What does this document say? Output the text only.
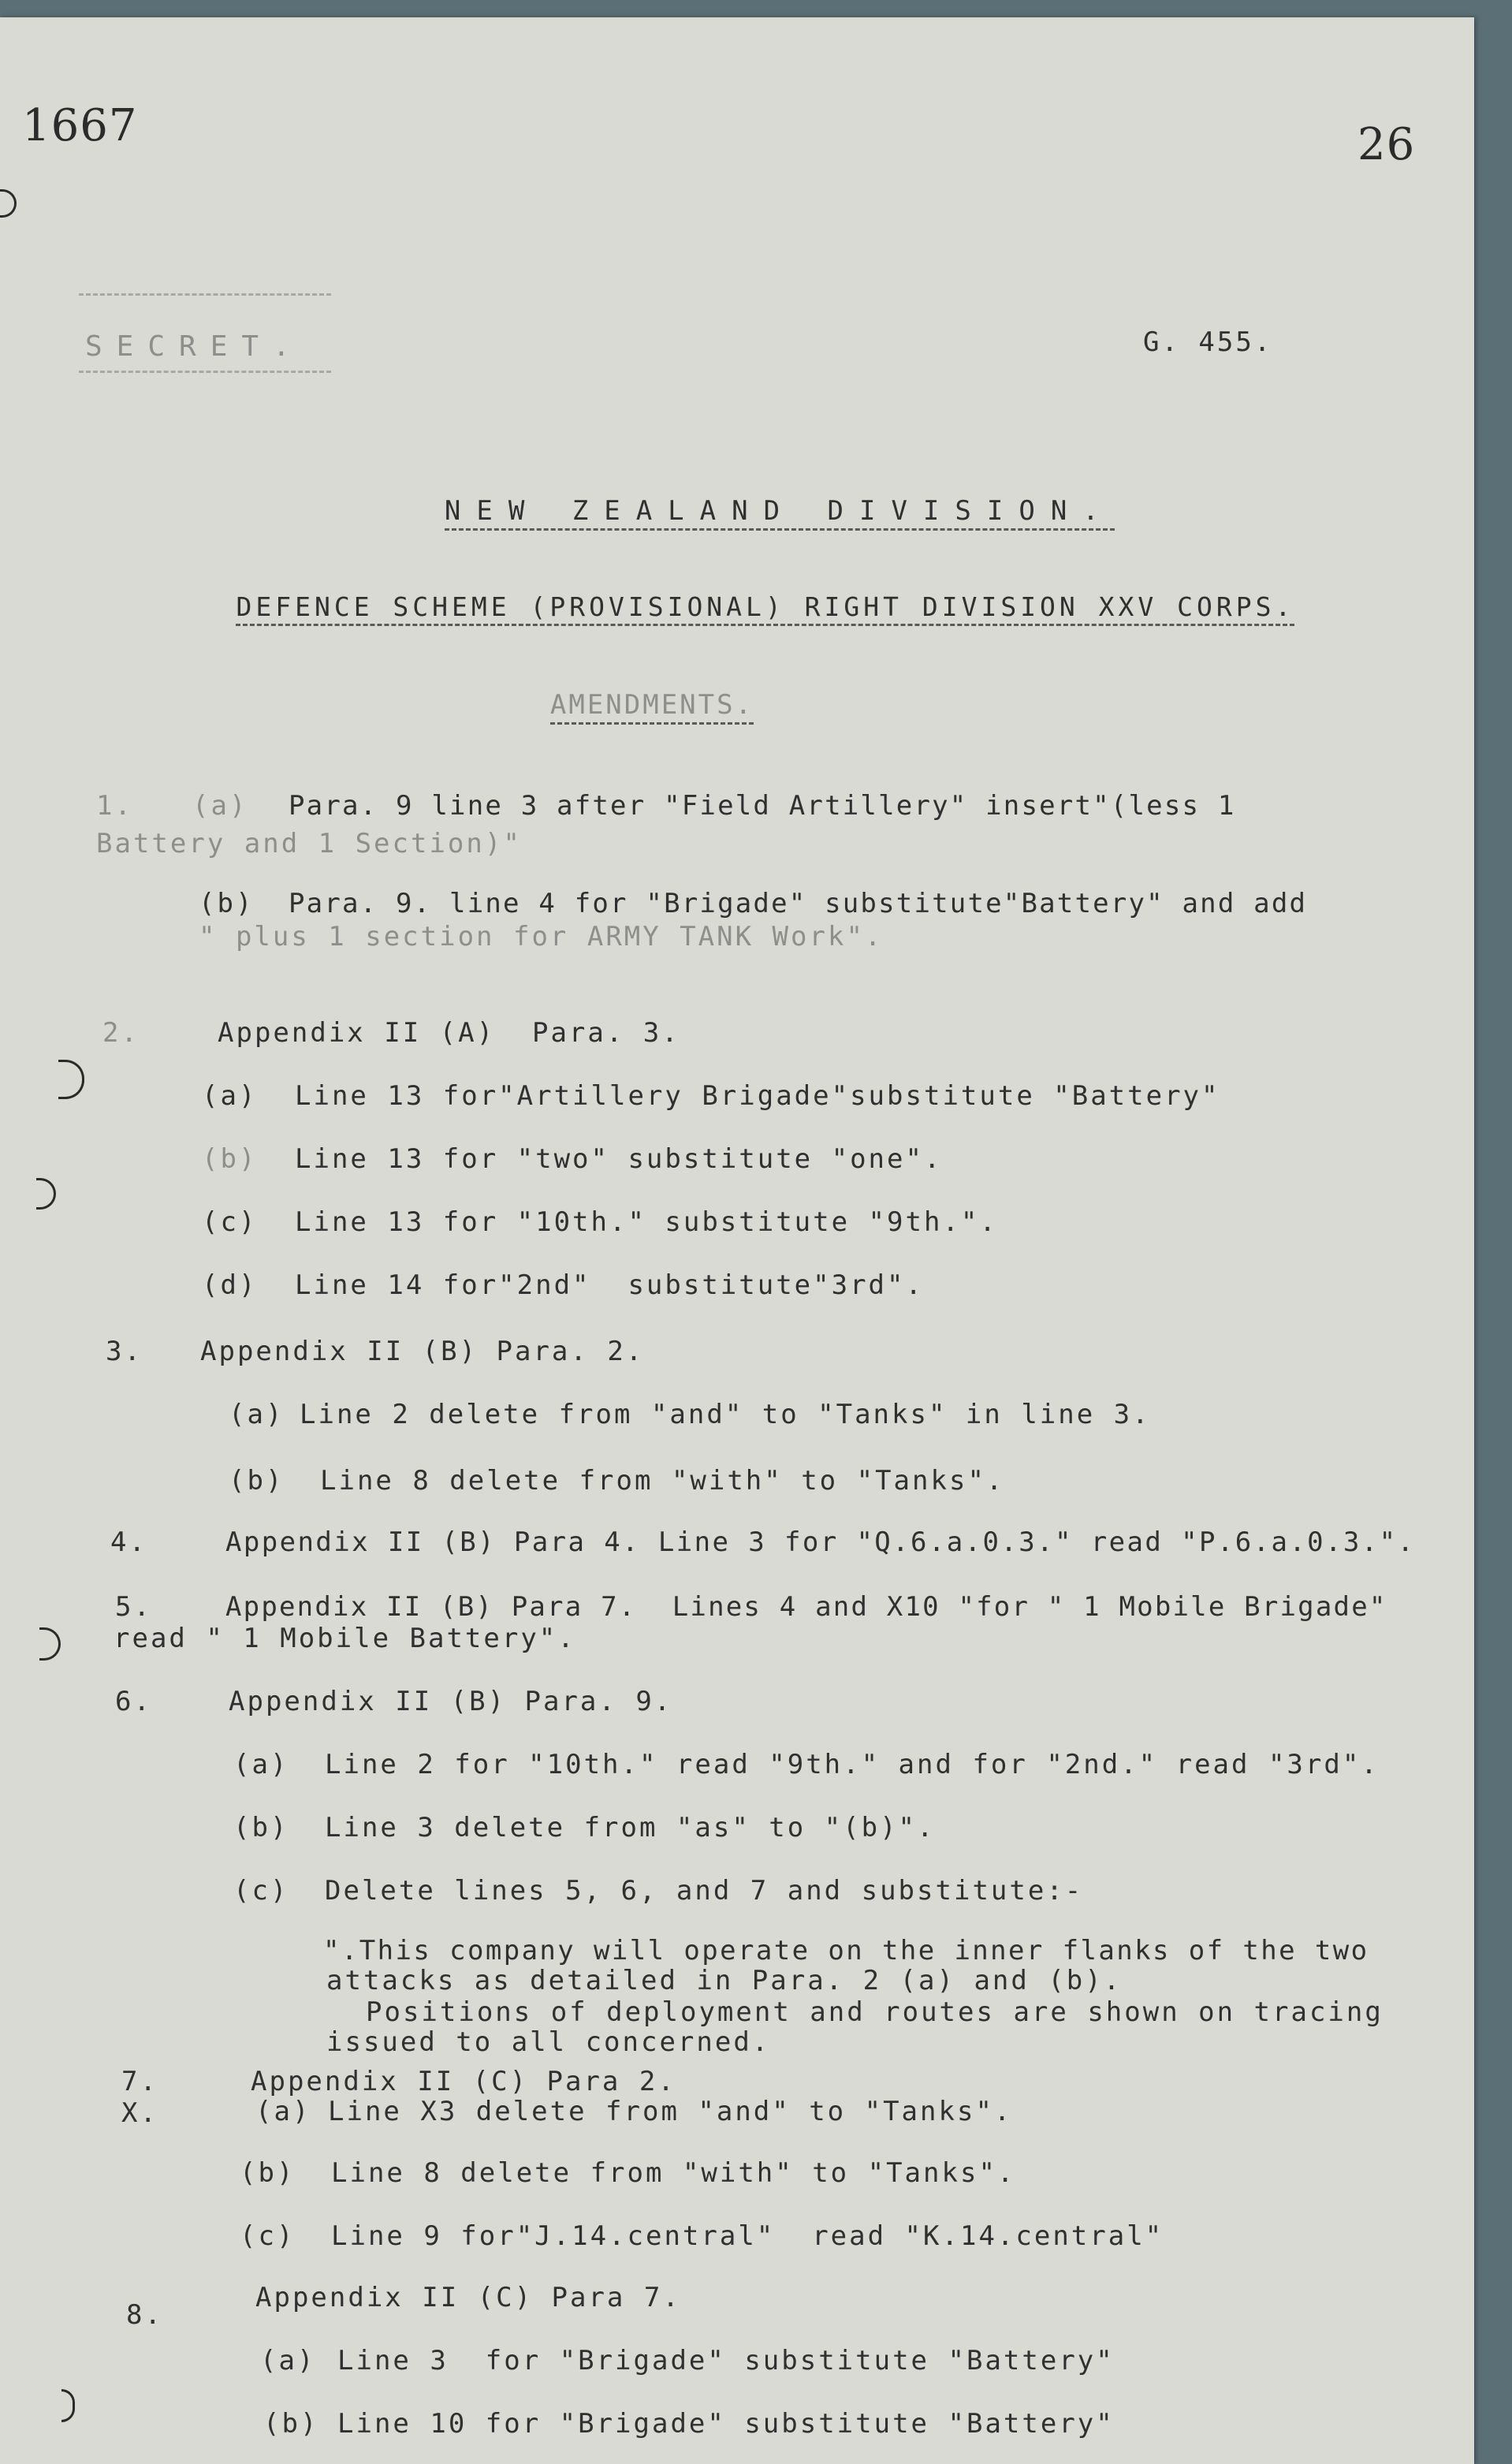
1667	26
SECRET.	G. 455.

NEW ZEALAND DIVISION.

DEFENCE SCHEME (PROVISIONAL) RIGHT DIVISION XXV CORPS.

AMENDMENTS.

1. (a) Para. 9 line 3 after "Field Artillery" insert"(less 1
Battery and 1 Section)"
(b) Para. 9. line 4 for "Brigade" substitute"Battery" and add
" plus 1 section for ARMY TANK Work".
2.	Appendix II (A)  Para. 3.
(a) Line 13 for"Artillery Brigade"substitute "Battery"
(b) Line 13 for "two" substitute "one".
(c) Line 13 for "10th." substitute "9th.".
(d) Line 14 for"2nd"  substitute"3rd".
3. Appendix II (B) Para. 2.
(a) Line 2 delete from "and" to "Tanks" in line 3.
(b) Line 8 delete from "with" to "Tanks".
4.	Appendix II (B) Para 4. Line 3 for "Q.6.a.0.3." read "P.6.a.0.3.".
5.	Appendix II (B) Para 7.  Lines 4 and X10 "for " 1 Mobile Brigade"
read " 1 Mobile Battery".
6.	Appendix II (B) Para. 9.
(a) Line 2 for "10th." read "9th." and for "2nd." read "3rd".
(b) Line 3 delete from "as" to "(b)".
(c) Delete lines 5, 6, and 7 and substitute:-
".This company will operate on the inner flanks of the two
attacks as detailed in Para. 2 (a) and (b).
Positions of deployment and routes are shown on tracing
issued to all concerned.
7.
X.
Appendix II (C) Para 2.
(a) Line X3 delete from "and" to "Tanks".
(b) Line 8 delete from "with" to "Tanks".
(c) Line 9 for"J.14.central"  read "K.14.central"
8.
Appendix II (C) Para 7.
(a) Line 3  for "Brigade" substitute "Battery"
(b) Line 10 for "Brigade" substitute "Battery"
